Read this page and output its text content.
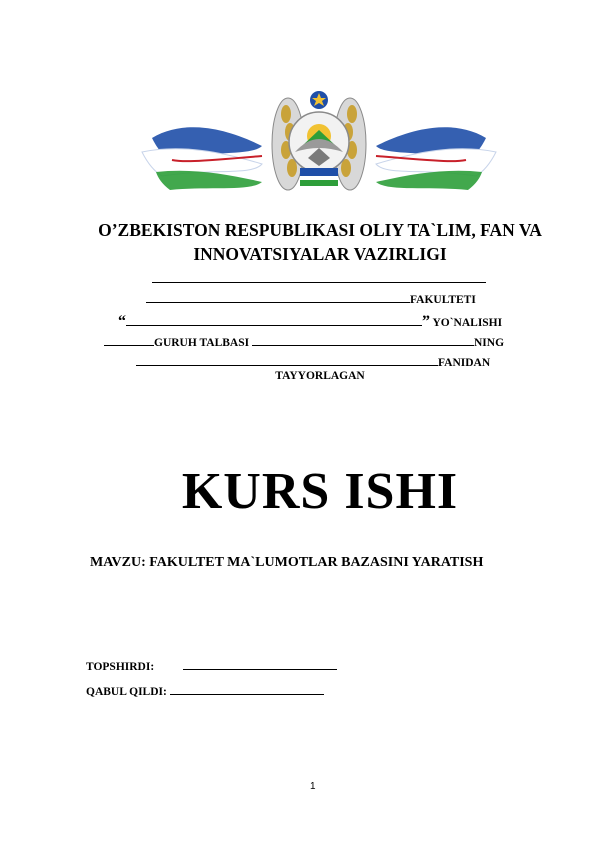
O’ZBEKISTON RESPUBLIKASI OLIY TA`LIM, FAN VA
INNOVATSIYALAR VAZIRLIGI
FAKULTETI
“	” YO`NALISHI
GURUH TALBASI	NING
FANIDAN
TAYYORLAGAN
KURS ISHI
MAVZU: FAKULTET MA`LUMOTLAR BAZASINI YARATISH
TOPSHIRDI:
QABUL QILDI:
1
